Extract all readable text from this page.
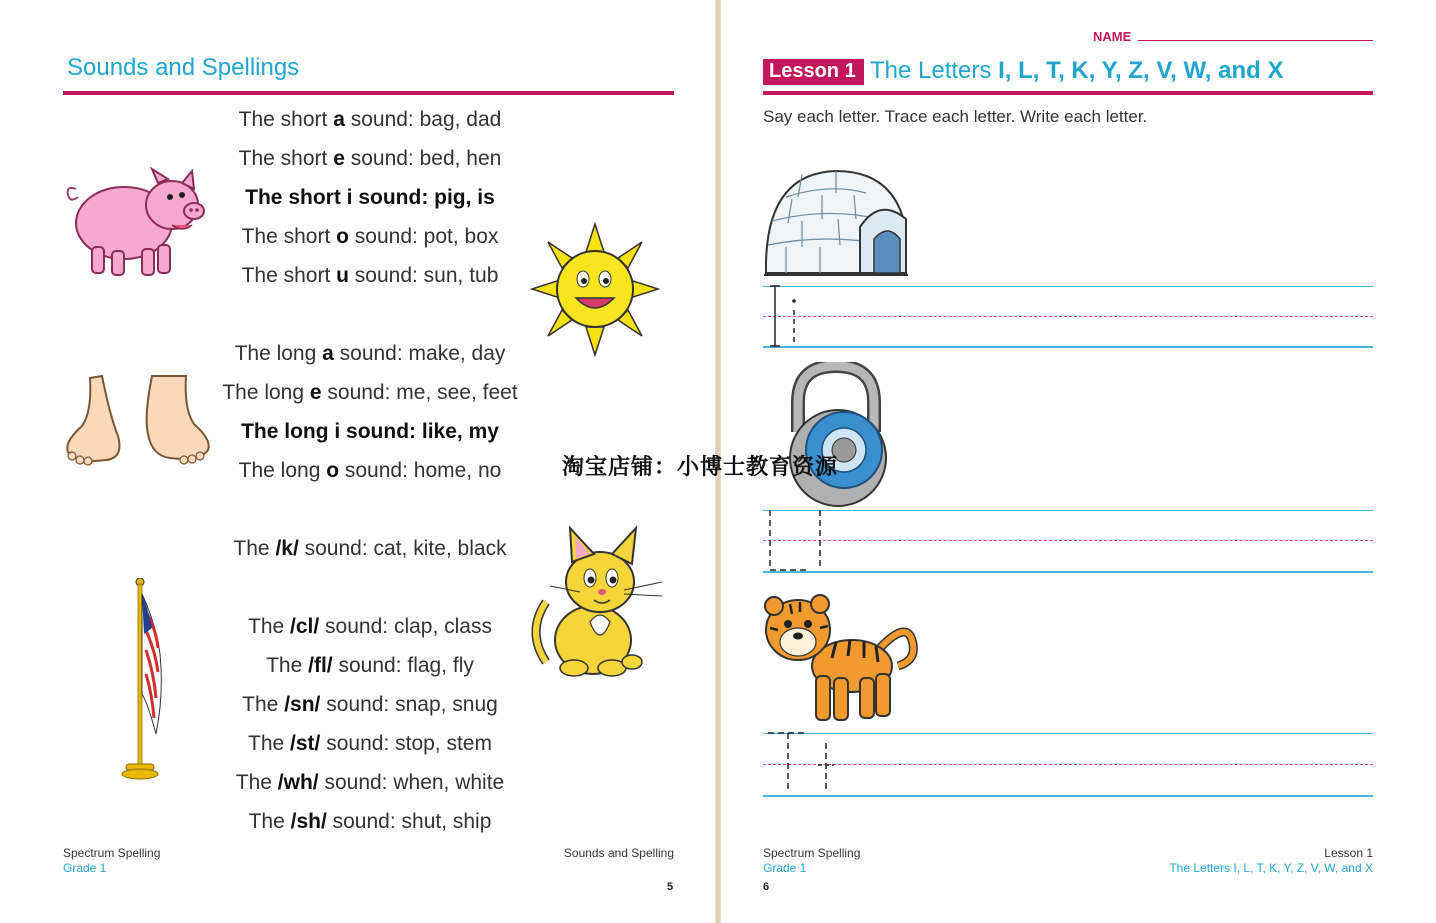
Sounds and Spellings
The short a sound: bag, dad
The short e sound: bed, hen
The short i sound: pig, is
The short o sound: pot, box
The short u sound: sun, tub
The long a sound: make, day
The long e sound: me, see, feet
The long i sound: like, my
The long o sound: home, no
The /k/ sound: cat, kite, black
The /cl/ sound: clap, class
The /fl/ sound: flag, fly
The /sn/ sound: snap, snug
The /st/ sound: stop, stem
The /wh/ sound: when, white
The /sh/ sound: shut, ship
Spectrum Spelling
Grade 1
Sounds and Spelling
5
NAME
Lesson 1 The Letters I, L, T, K, Y, Z, V, W, and X
Say each letter. Trace each letter. Write each letter.
Spectrum Spelling
Grade 1
Lesson 1
The Letters I, L, T, K, Y, Z, V, W, and X
6
淘宝店铺：小博士教育资源
